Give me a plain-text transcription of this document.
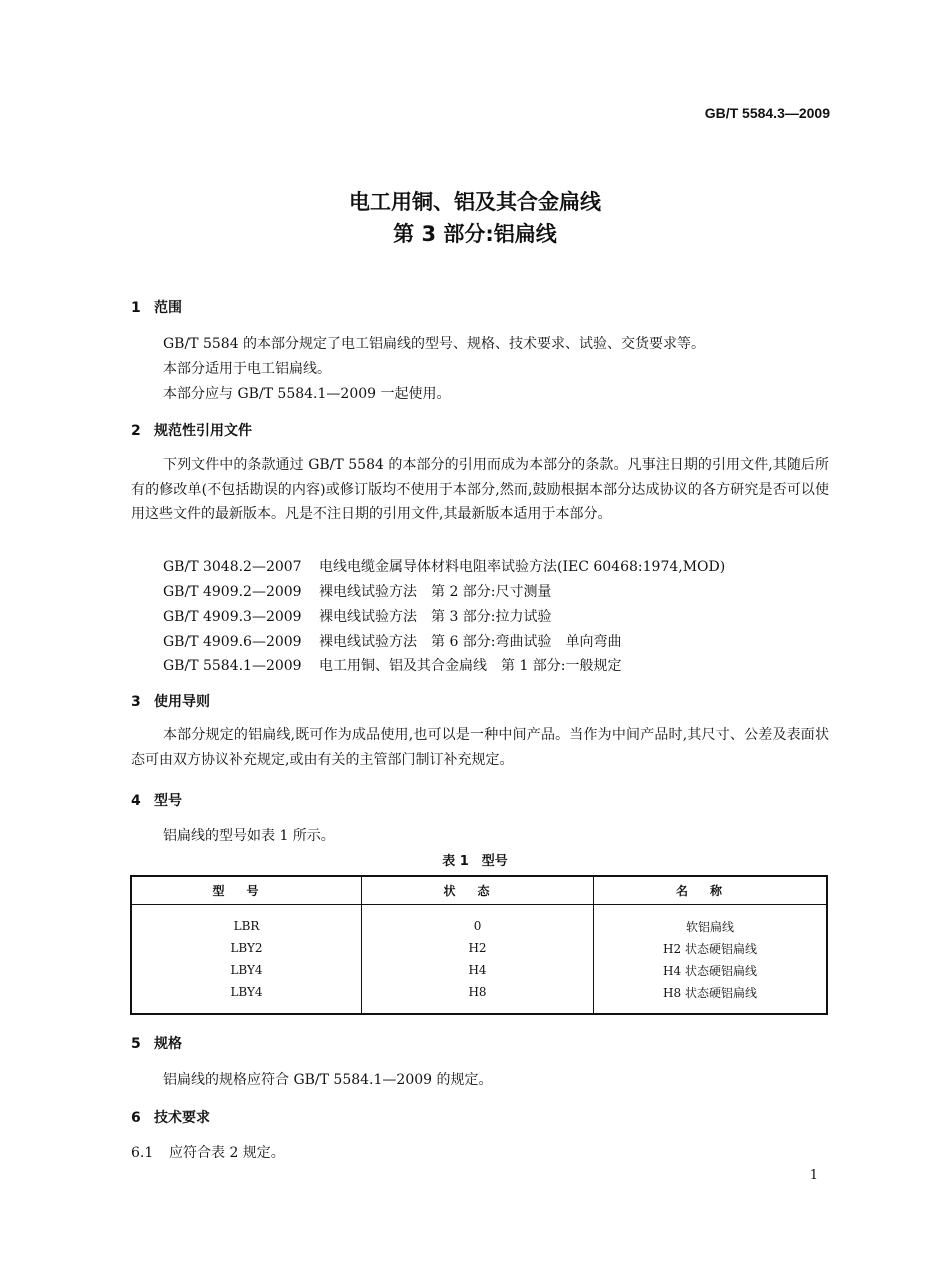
GB/T 5584.3—2009
电工用铜、铝及其合金扁线
第 3 部分:铝扁线
1 范围
GB/T 5584 的本部分规定了电工铝扁线的型号、规格、技术要求、试验、交货要求等。
本部分适用于电工铝扁线。
本部分应与 GB/T 5584.1—2009 一起使用。
2 规范性引用文件
下列文件中的条款通过 GB/T 5584 的本部分的引用而成为本部分的条款。凡事注日期的引用文件,其随后所有的修改单(不包括勘误的内容)或修订版均不使用于本部分,然而,鼓励根据本部分达成协议的各方研究是否可以使用这些文件的最新版本。凡是不注日期的引用文件,其最新版本适用于本部分。
GB/T 3048.2—2007 电线电缆金属导体材料电阻率试验方法(IEC 60468:1974,MOD)
GB/T 4909.2—2009 裸电线试验方法　第 2 部分:尺寸测量
GB/T 4909.3—2009 裸电线试验方法　第 3 部分:拉力试验
GB/T 4909.6—2009 裸电线试验方法　第 6 部分:弯曲试验　单向弯曲
GB/T 5584.1—2009 电工用铜、铝及其合金扁线　第 1 部分:一般规定
3 使用导则
本部分规定的铝扁线,既可作为成品使用,也可以是一种中间产品。当作为中间产品时,其尺寸、公差及表面状态可由双方协议补充规定,或由有关的主管部门制订补充规定。
4 型号
铝扁线的型号如表 1 所示。
表 1　型号
型号	状态	名称
LBR	0	软铝扁线
LBY2	H2	H2 状态硬铝扁线
LBY4	H4	H4 状态硬铝扁线
LBY4	H8	H8 状态硬铝扁线
5 规格
铝扁线的规格应符合 GB/T 5584.1—2009 的规定。
6 技术要求
6.1 应符合表 2 规定。
1
